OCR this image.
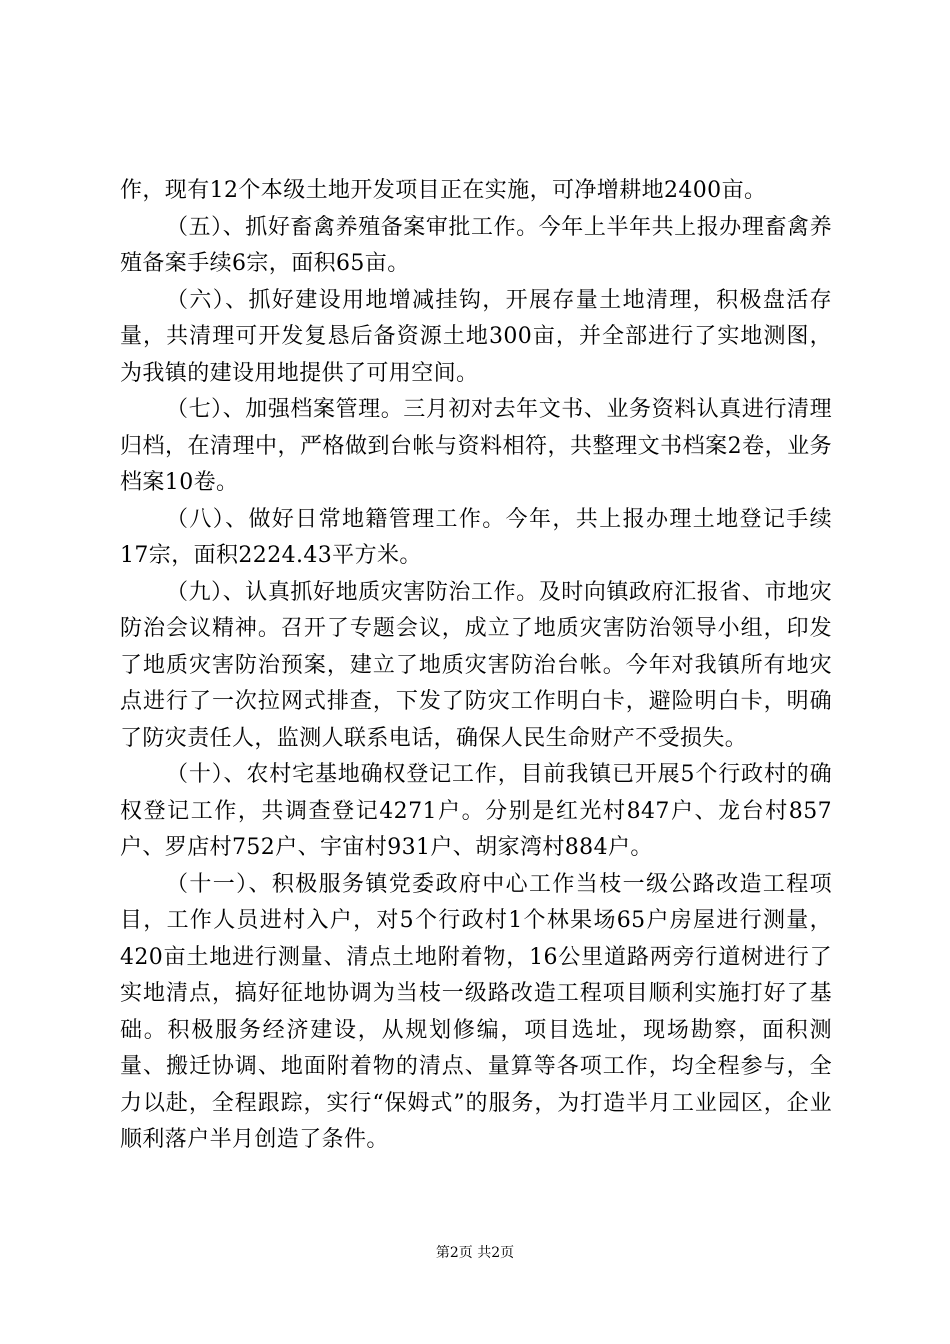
作，现有12个本级土地开发项目正在实施，可净增耕地2400亩。

（五）、抓好畜禽养殖备案审批工作。今年上半年共上报办理畜禽养殖备案手续6宗，面积65亩。

（六）、抓好建设用地增减挂钩，开展存量土地清理，积极盘活存量，共清理可开发复恳后备资源土地300亩，并全部进行了实地测图，为我镇的建设用地提供了可用空间。

（七）、加强档案管理。三月初对去年文书、业务资料认真进行清理归档，在清理中，严格做到台帐与资料相符，共整理文书档案2卷，业务档案10卷。

（八）、做好日常地籍管理工作。今年，共上报办理土地登记手续17宗，面积2224.43平方米。

（九）、认真抓好地质灾害防治工作。及时向镇政府汇报省、市地灾防治会议精神。召开了专题会议，成立了地质灾害防治领导小组，印发了地质灾害防治预案，建立了地质灾害防治台帐。今年对我镇所有地灾点进行了一次拉网式排查，下发了防灾工作明白卡，避险明白卡，明确了防灾责任人，监测人联系电话，确保人民生命财产不受损失。

（十）、农村宅基地确权登记工作，目前我镇已开展5个行政村的确权登记工作，共调查登记4271户。分别是红光村847户、龙台村857户、罗店村752户、宇宙村931户、胡家湾村884户。

（十一）、积极服务镇党委政府中心工作当枝一级公路改造工程项目，工作人员进村入户，对5个行政村1个林果场65户房屋进行测量，420亩土地进行测量、清点土地附着物，16公里道路两旁行道树进行了实地清点，搞好征地协调为当枝一级路改造工程项目顺利实施打好了基础。积极服务经济建设，从规划修编，项目选址，现场勘察，面积测量、搬迁协调、地面附着物的清点、量算等各项工作，均全程参与，全力以赴，全程跟踪，实行“保姆式”的服务，为打造半月工业园区，企业顺利落户半月创造了条件。

第2页 共2页
